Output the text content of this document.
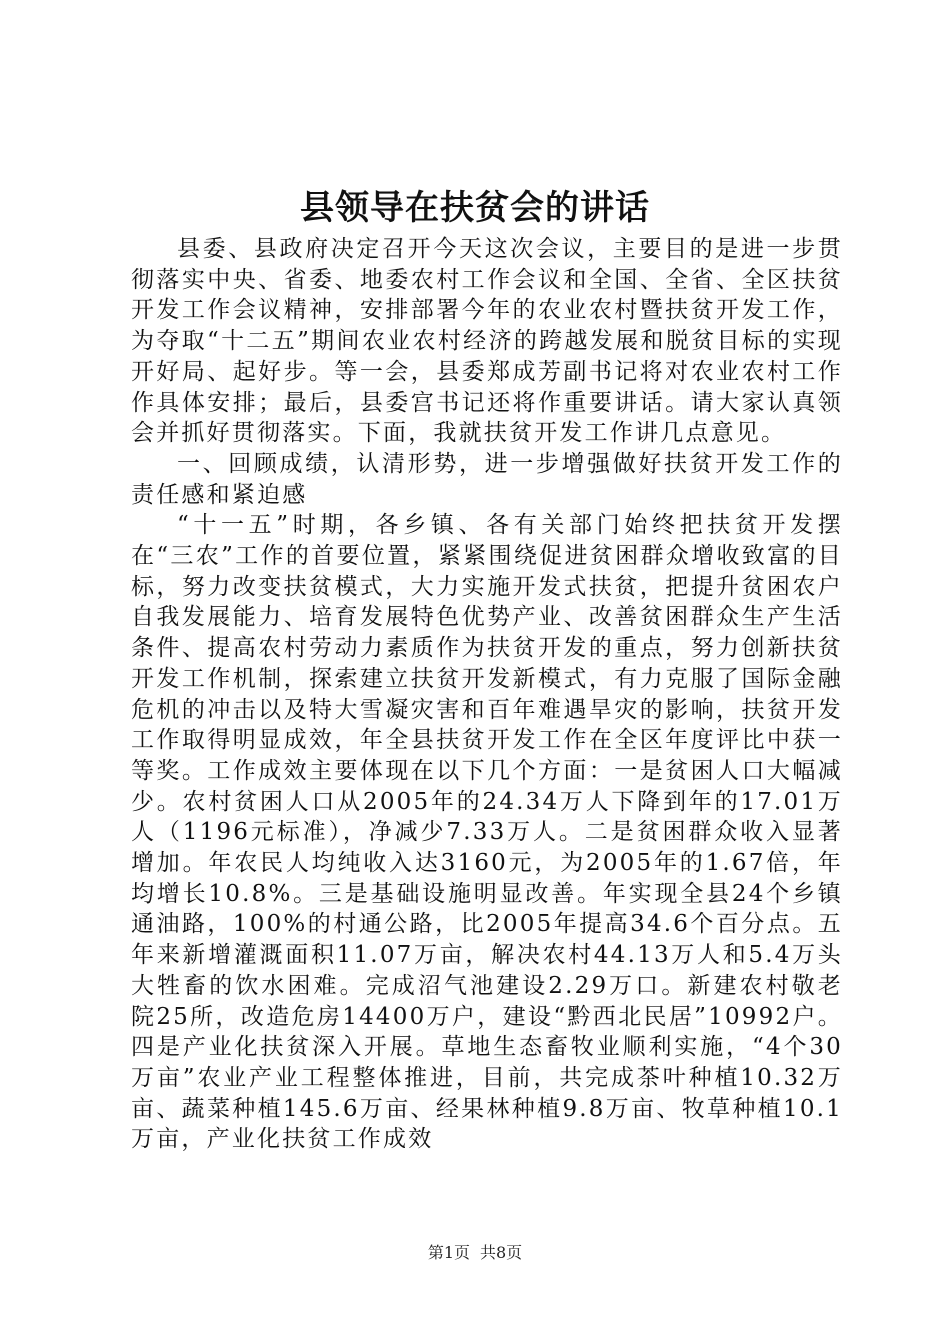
县领导在扶贫会的讲话

县委、县政府决定召开今天这次会议，主要目的是进一步贯彻落实中央、省委、地委农村工作会议和全国、全省、全区扶贫开发工作会议精神，安排部署今年的农业农村暨扶贫开发工作，为夺取“十二五”期间农业农村经济的跨越发展和脱贫目标的实现开好局、起好步。等一会，县委郑成芳副书记将对农业农村工作作具体安排；最后，县委宫书记还将作重要讲话。请大家认真领会并抓好贯彻落实。下面，我就扶贫开发工作讲几点意见。

一、回顾成绩，认清形势，进一步增强做好扶贫开发工作的责任感和紧迫感

“十一五”时期，各乡镇、各有关部门始终把扶贫开发摆在“三农”工作的首要位置，紧紧围绕促进贫困群众增收致富的目标，努力改变扶贫模式，大力实施开发式扶贫，把提升贫困农户自我发展能力、培育发展特色优势产业、改善贫困群众生产生活条件、提高农村劳动力素质作为扶贫开发的重点，努力创新扶贫开发工作机制，探索建立扶贫开发新模式，有力克服了国际金融危机的冲击以及特大雪凝灾害和百年难遇旱灾的影响，扶贫开发工作取得明显成效，年全县扶贫开发工作在全区年度评比中获一等奖。工作成效主要体现在以下几个方面：一是贫困人口大幅减少。农村贫困人口从2005年的24.34万人下降到年的17.01万人（1196元标准），净减少7.33万人。二是贫困群众收入显著增加。年农民人均纯收入达3160元，为2005年的1.67倍，年均增长10.8%。三是基础设施明显改善。年实现全县24个乡镇通油路，100%的村通公路，比2005年提高34.6个百分点。五年来新增灌溉面积11.07万亩，解决农村44.13万人和5.4万头大牲畜的饮水困难。完成沼气池建设2.29万口。新建农村敬老院25所，改造危房14400万户，建设“黔西北民居”10992户。四是产业化扶贫深入开展。草地生态畜牧业顺利实施，“4个30万亩”农业产业工程整体推进，目前，共完成茶叶种植10.32万亩、蔬菜种植145.6万亩、经果林种植9.8万亩、牧草种植10.1万亩，产业化扶贫工作成效

第1页 共8页
